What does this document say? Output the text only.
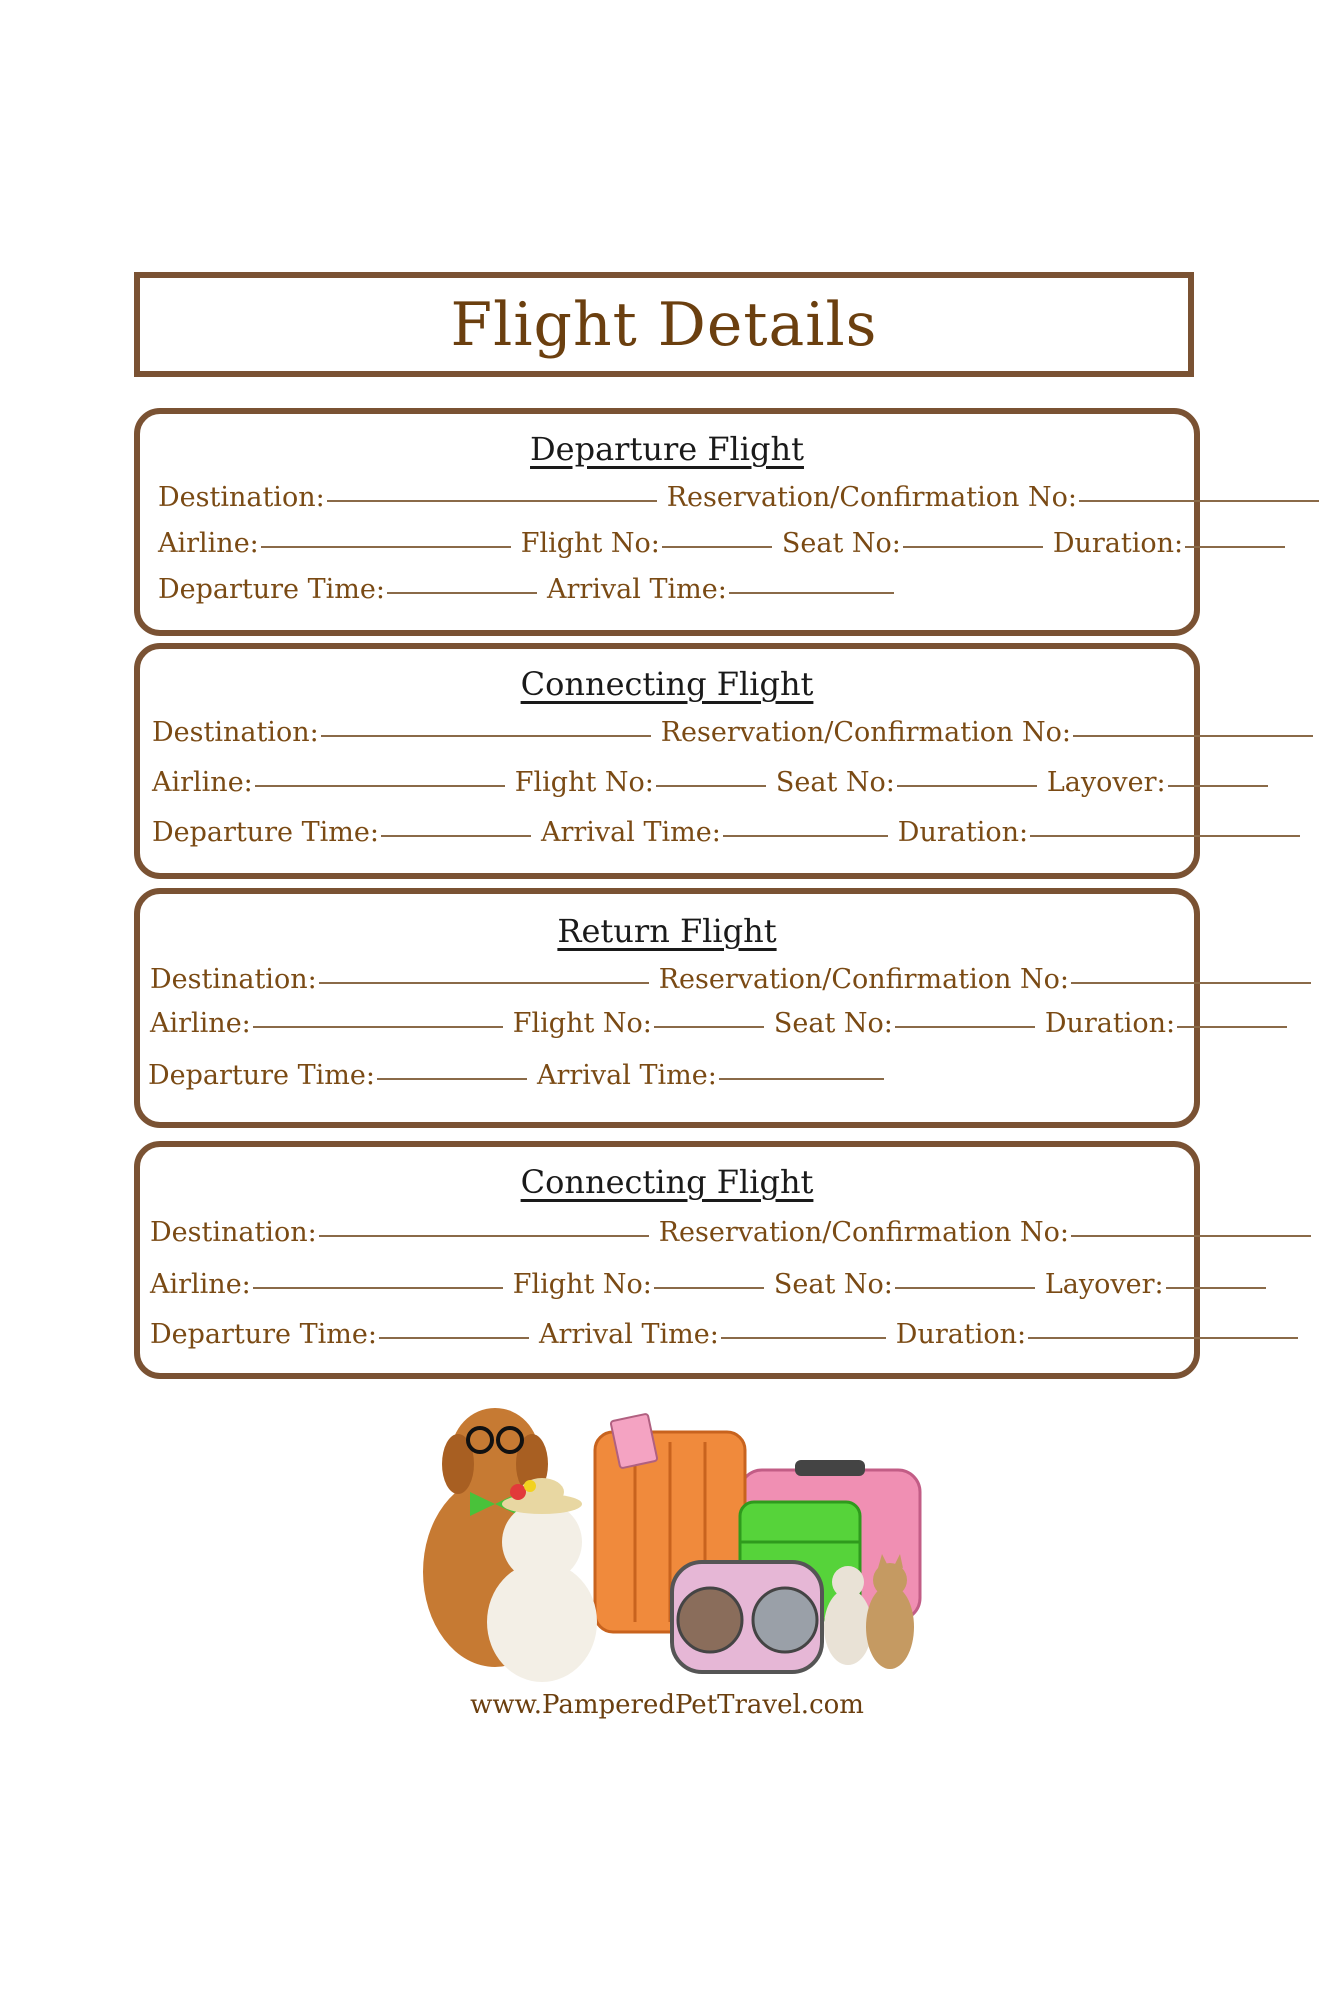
Flight Details
Departure Flight
Destination:	Reservation/Confirmation No:
Airline:	Flight No:	Seat No:	Duration:
Departure Time:	Arrival Time:
Connecting Flight
Destination:	Reservation/Confirmation No:
Airline:	Flight No:	Seat No:	Layover:
Departure Time:	Arrival Time:	Duration:
Return Flight
Destination:	Reservation/Confirmation No:
Airline:	Flight No:	Seat No:	Duration:
Departure Time:	Arrival Time:
Connecting Flight
Destination:	Reservation/Confirmation No:
Airline:	Flight No:	Seat No:	Layover:
Departure Time:	Arrival Time:	Duration:
www.PamperedPetTravel.com
